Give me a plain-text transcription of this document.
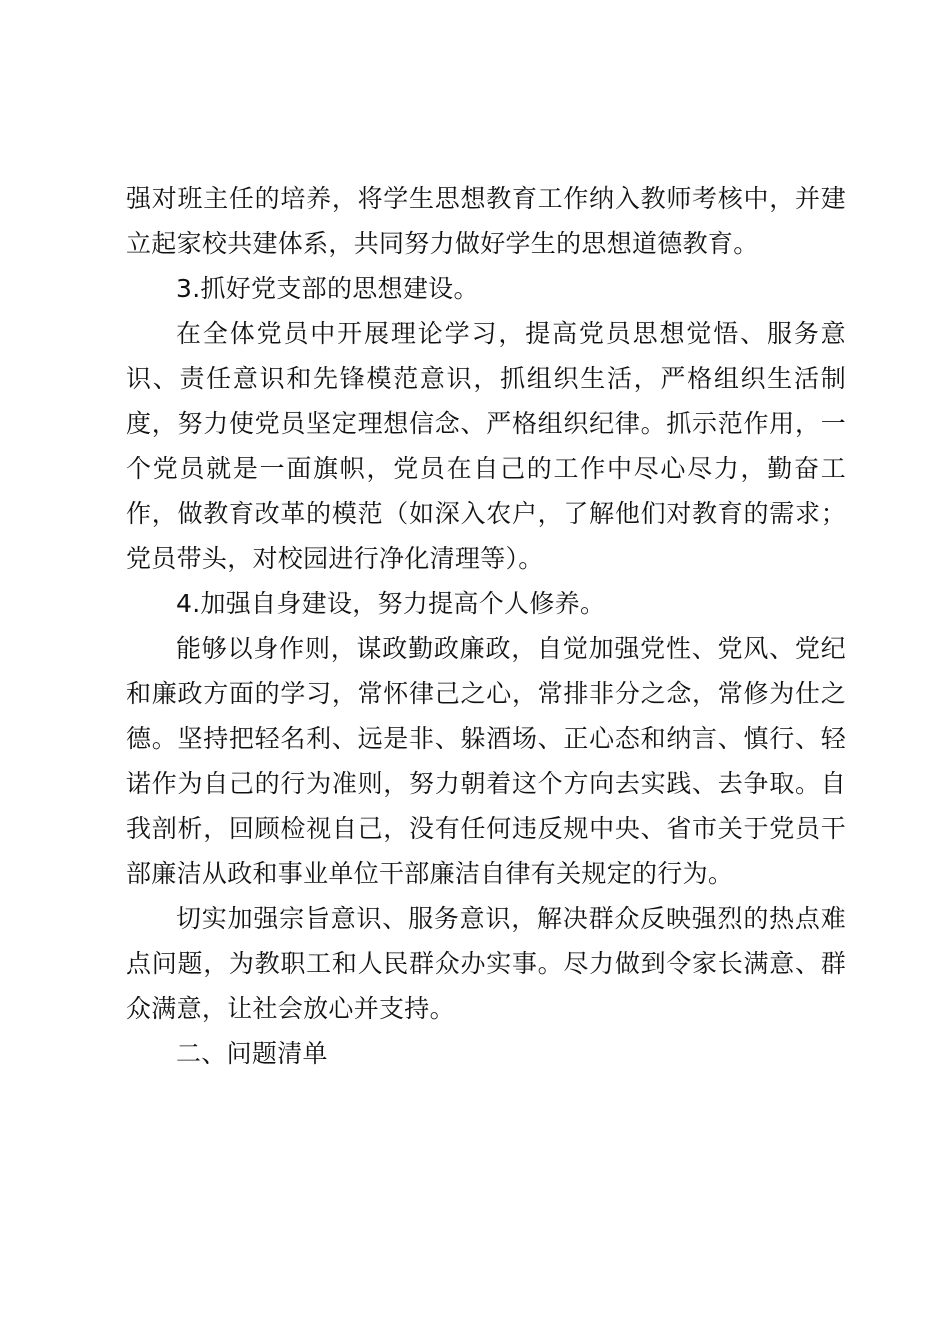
强对班主任的培养，将学生思想教育工作纳入教师考核中，并建立起家校共建体系，共同努力做好学生的思想道德教育。

3.抓好党支部的思想建设。

在全体党员中开展理论学习，提高党员思想觉悟、服务意识、责任意识和先锋模范意识，抓组织生活，严格组织生活制度，努力使党员坚定理想信念、严格组织纪律。抓示范作用，一个党员就是一面旗帜，党员在自己的工作中尽心尽力，勤奋工作，做教育改革的模范（如深入农户，了解他们对教育的需求；党员带头，对校园进行净化清理等）。

4.加强自身建设，努力提高个人修养。

能够以身作则，谋政勤政廉政，自觉加强党性、党风、党纪和廉政方面的学习，常怀律己之心，常排非分之念，常修为仕之德。坚持把轻名利、远是非、躲酒场、正心态和纳言、慎行、轻诺作为自己的行为准则，努力朝着这个方向去实践、去争取。自我剖析，回顾检视自己，没有任何违反规中央、省市关于党员干部廉洁从政和事业单位干部廉洁自律有关规定的行为。

切实加强宗旨意识、服务意识，解决群众反映强烈的热点难点问题，为教职工和人民群众办实事。尽力做到令家长满意、群众满意，让社会放心并支持。

二、问题清单
